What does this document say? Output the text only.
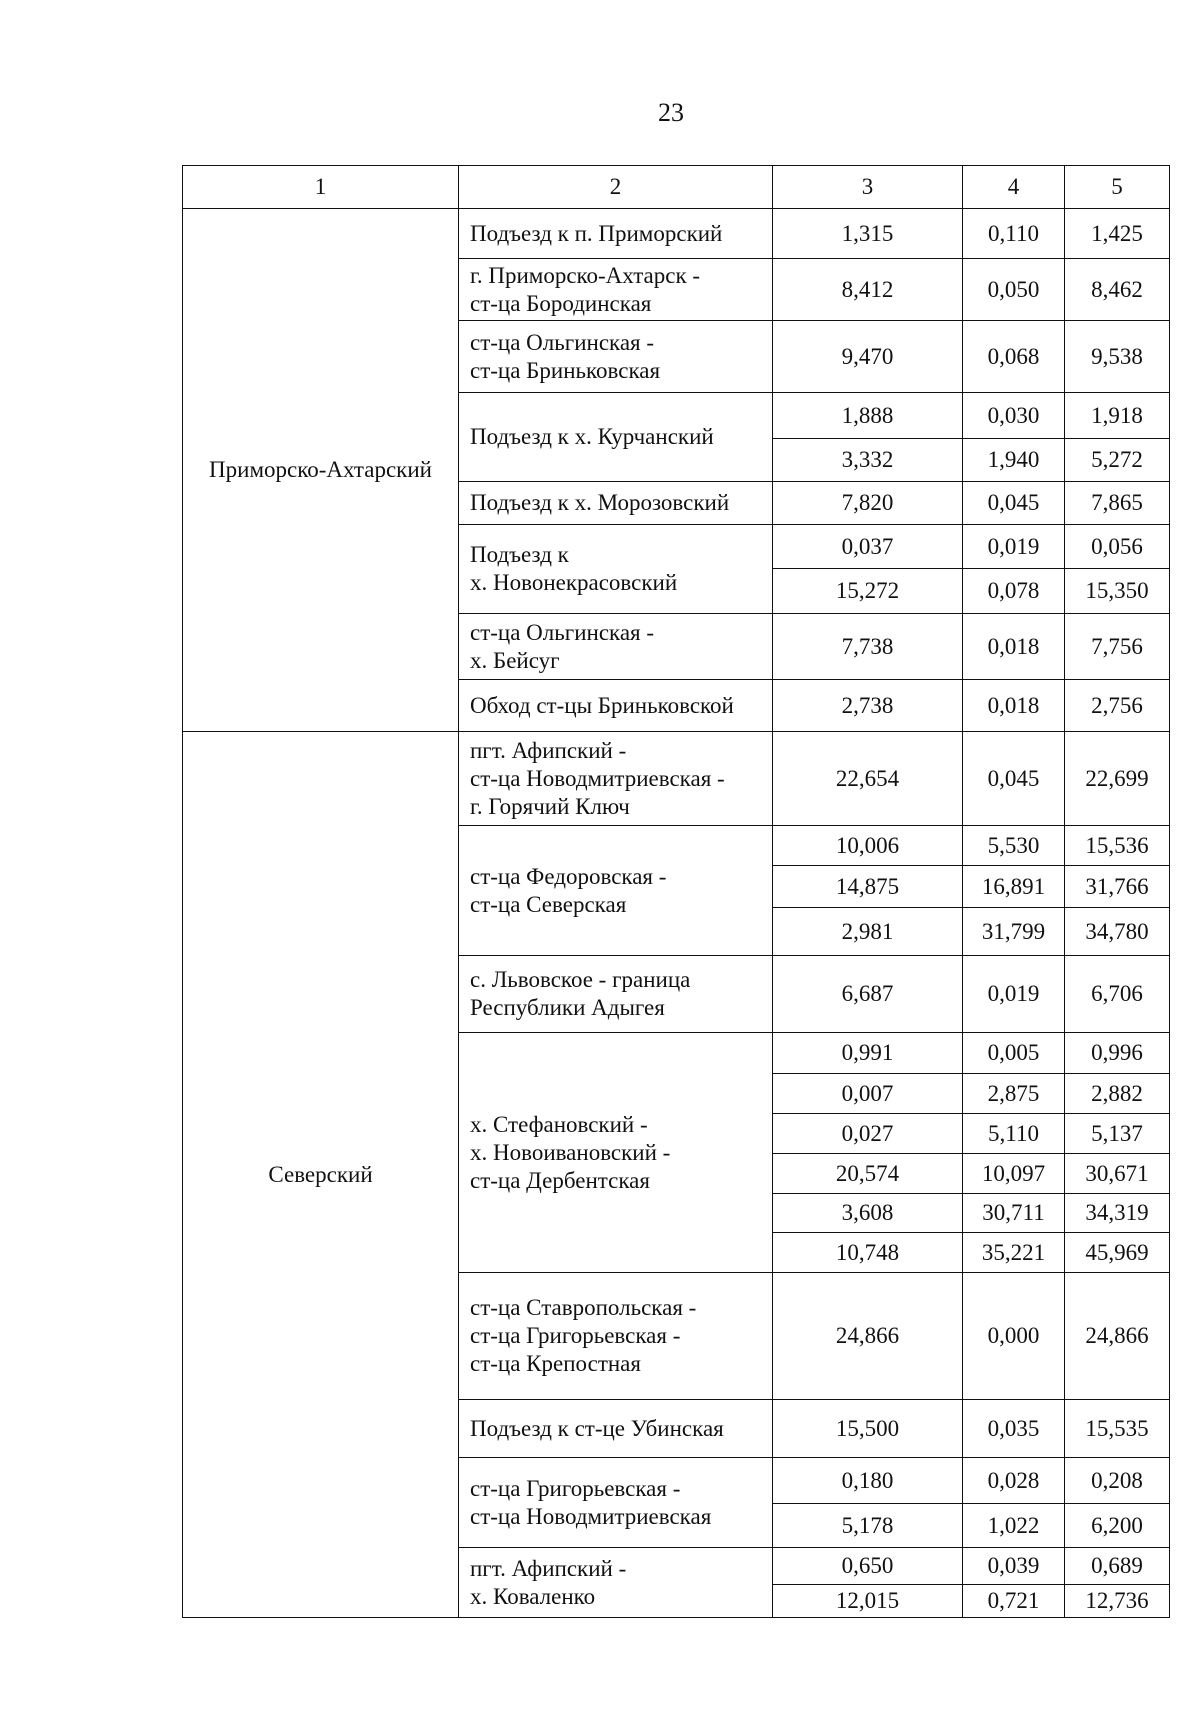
23
1	2	3	4	5
Приморско-Ахтарский	Подъезд к п. Приморский	1,315	0,110	1,425
	г. Приморско-Ахтарск -
ст-ца Бородинская	8,412	0,050	8,462
	ст-ца Ольгинская -
ст-ца Бриньковская	9,470	0,068	9,538
	Подъезд к х. Курчанский	1,888	0,030	1,918
		3,332	1,940	5,272
	Подъезд к х. Морозовский	7,820	0,045	7,865
	Подъезд к
х. Новонекрасовский	0,037	0,019	0,056
		15,272	0,078	15,350
	ст-ца Ольгинская -
х. Бейсуг	7,738	0,018	7,756
	Обход ст-цы Бриньковской	2,738	0,018	2,756
Северский	пгт. Афипский -
ст-ца Новодмитриевская -
г. Горячий Ключ	22,654	0,045	22,699
	ст-ца Федоровская -
ст-ца Северская	10,006	5,530	15,536
		14,875	16,891	31,766
		2,981	31,799	34,780
	с. Львовское - граница
Республики Адыгея	6,687	0,019	6,706
	х. Стефановский -
х. Новоивановский -
ст-ца Дербентская	0,991	0,005	0,996
		0,007	2,875	2,882
		0,027	5,110	5,137
		20,574	10,097	30,671
		3,608	30,711	34,319
		10,748	35,221	45,969
	ст-ца Ставропольская -
ст-ца Григорьевская -
ст-ца Крепостная	24,866	0,000	24,866
	Подъезд к ст-це Убинская	15,500	0,035	15,535
	ст-ца Григорьевская -
ст-ца Новодмитриевская	0,180	0,028	0,208
		5,178	1,022	6,200
	пгт. Афипский -
х. Коваленко	0,650	0,039	0,689
		12,015	0,721	12,736
